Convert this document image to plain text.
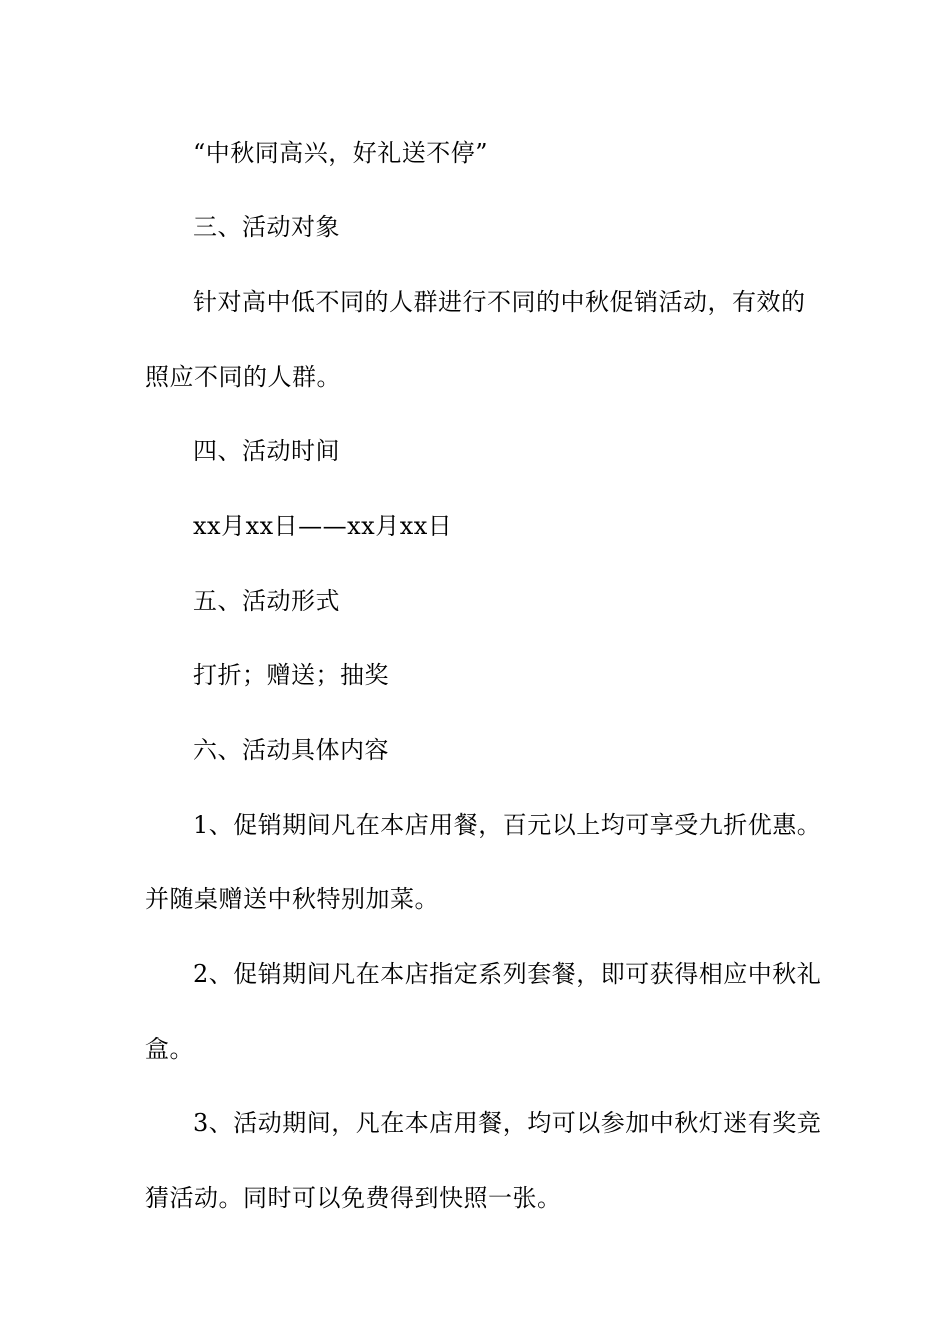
“中秋同高兴，好礼送不停”
三、活动对象
针对高中低不同的人群进行不同的中秋促销活动，有效的
照应不同的人群。
四、活动时间
xx月xx日——xx月xx日
五、活动形式
打折；赠送；抽奖
六、活动具体内容
1、促销期间凡在本店用餐，百元以上均可享受九折优惠。
并随桌赠送中秋特别加菜。
2、促销期间凡在本店指定系列套餐，即可获得相应中秋礼
盒。
3、活动期间，凡在本店用餐，均可以参加中秋灯迷有奖竞
猜活动。同时可以免费得到快照一张。
